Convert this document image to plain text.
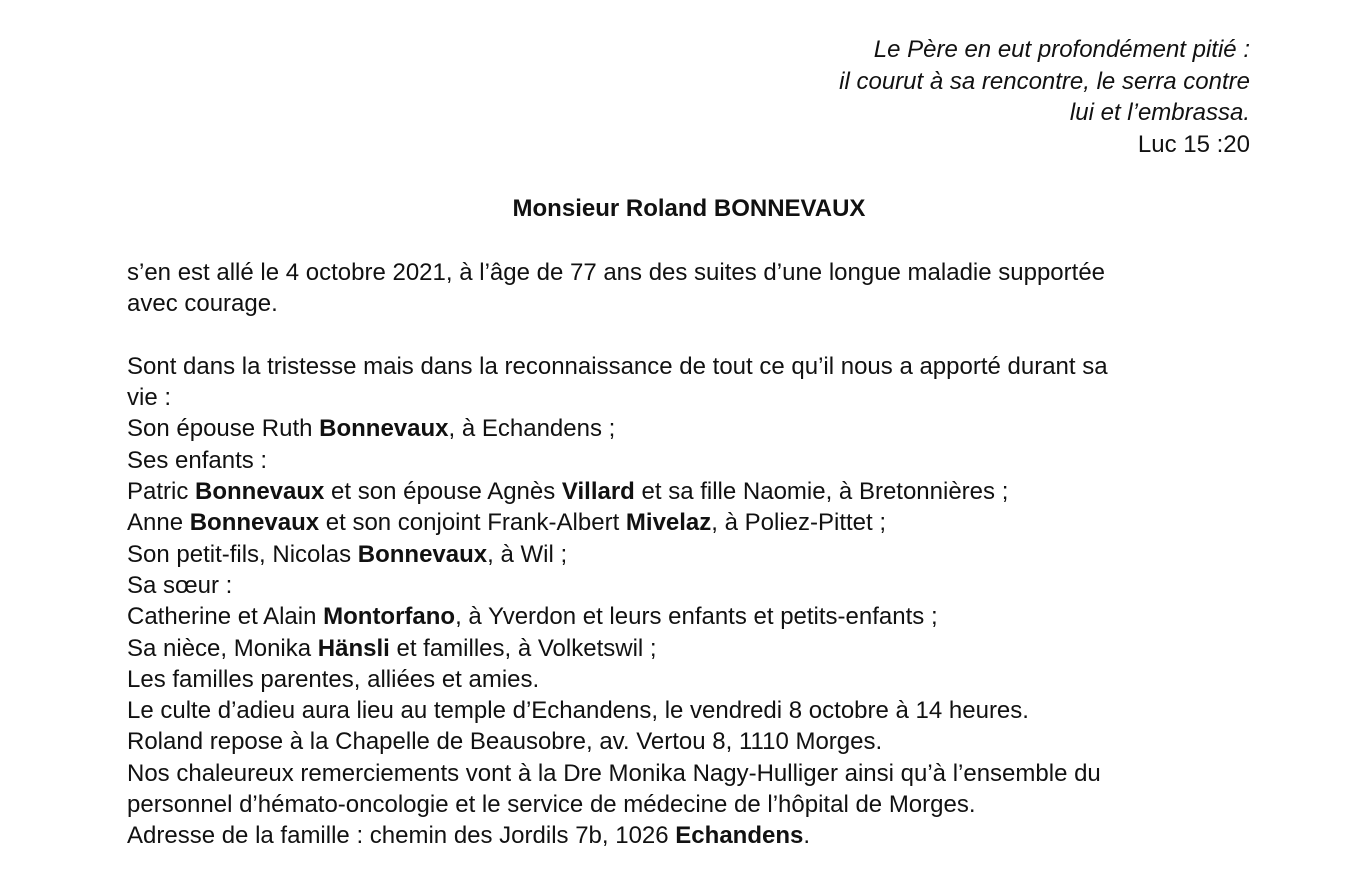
Le Père en eut profondément pitié :
il courut à sa rencontre, le serra contre
lui et l’embrassa.
Luc 15 :20
Monsieur Roland BONNEVAUX

s’en est allé le 4 octobre 2021, à l’âge de 77 ans des suites d’une longue maladie supportée

avec courage.

Sont dans la tristesse mais dans la reconnaissance de tout ce qu’il nous a apporté durant sa

vie :

Son épouse Ruth Bonnevaux, à Echandens ;

Ses enfants :

Patric Bonnevaux et son épouse Agnès Villard et sa fille Naomie, à Bretonnières ;

Anne Bonnevaux et son conjoint Frank-Albert Mivelaz, à Poliez-Pittet ;

Son petit-fils, Nicolas Bonnevaux, à Wil ;

Sa sœur :

Catherine et Alain Montorfano, à Yverdon et leurs enfants et petits-enfants ;

Sa nièce, Monika Hänsli et familles, à Volketswil ;

Les familles parentes, alliées et amies.

Le culte d’adieu aura lieu au temple d’Echandens, le vendredi 8 octobre à 14 heures.

Roland repose à la Chapelle de Beausobre, av. Vertou 8, 1110 Morges.

Nos chaleureux remerciements vont à la Dre Monika Nagy-Hulliger ainsi qu’à l’ensemble du

personnel d’hémato-oncologie et le service de médecine de l’hôpital de Morges.

Adresse de la famille : chemin des Jordils 7b, 1026 Echandens.
